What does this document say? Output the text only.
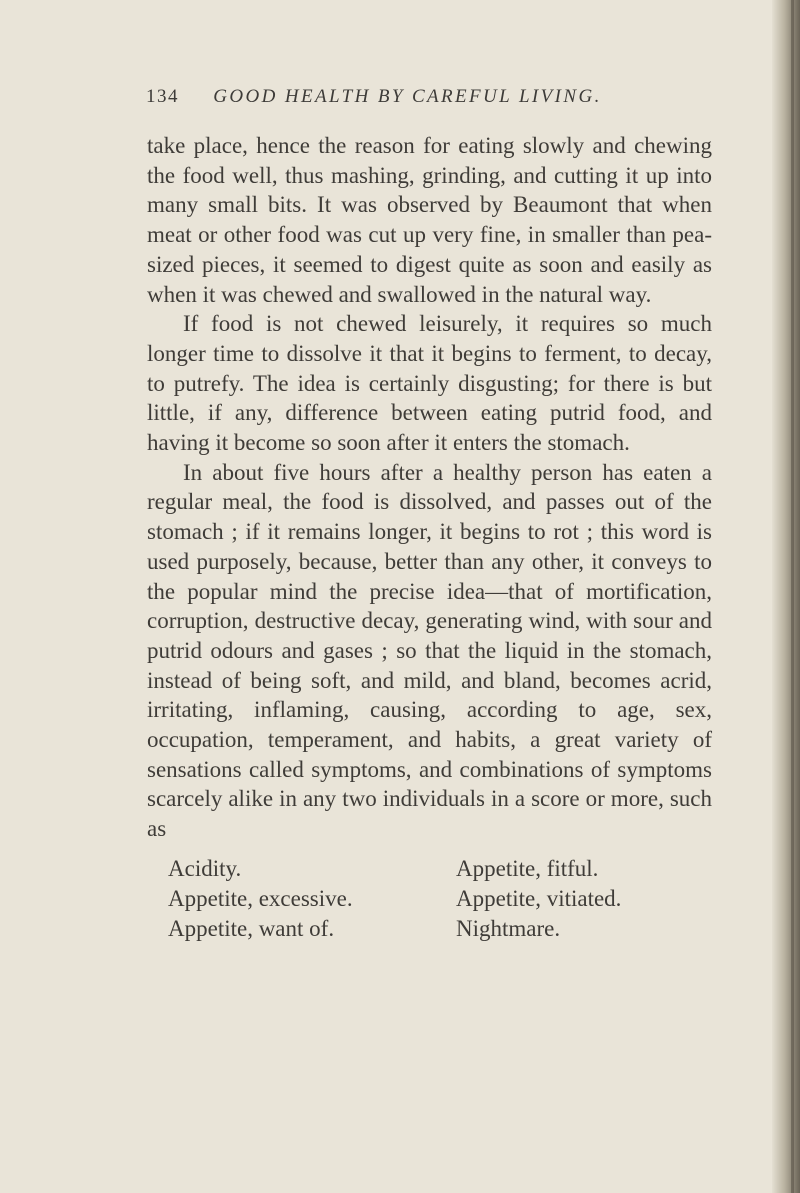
134 GOOD HEALTH BY CAREFUL LIVING.

take place, hence the reason for eating slowly and chewing the food well, thus mashing, grinding, and cutting it up into many small bits. It was observed by Beaumont that when meat or other food was cut up very fine, in smaller than pea-sized pieces, it seemed to digest quite as soon and easily as when it was chewed and swallowed in the natural way.

If food is not chewed leisurely, it requires so much longer time to dissolve it that it begins to ferment, to decay, to putrefy. The idea is certainly disgusting; for there is but little, if any, difference between eating putrid food, and having it become so soon after it enters the stomach.

In about five hours after a healthy person has eaten a regular meal, the food is dissolved, and passes out of the stomach ; if it remains longer, it begins to rot ; this word is used purposely, because, better than any other, it conveys to the popular mind the precise idea—that of mortification, corruption, destructive decay, generating wind, with sour and putrid odours and gases ; so that the liquid in the stomach, instead of being soft, and mild, and bland, becomes acrid, irritating, inflaming, causing, according to age, sex, occupation, temperament, and habits, a great variety of sensations called symptoms, and combinations of symptoms scarcely alike in any two individuals in a score or more, such as

Acidity.	Appetite, fitful.
Appetite, excessive.	Appetite, vitiated.
Appetite, want of.	Nightmare.
